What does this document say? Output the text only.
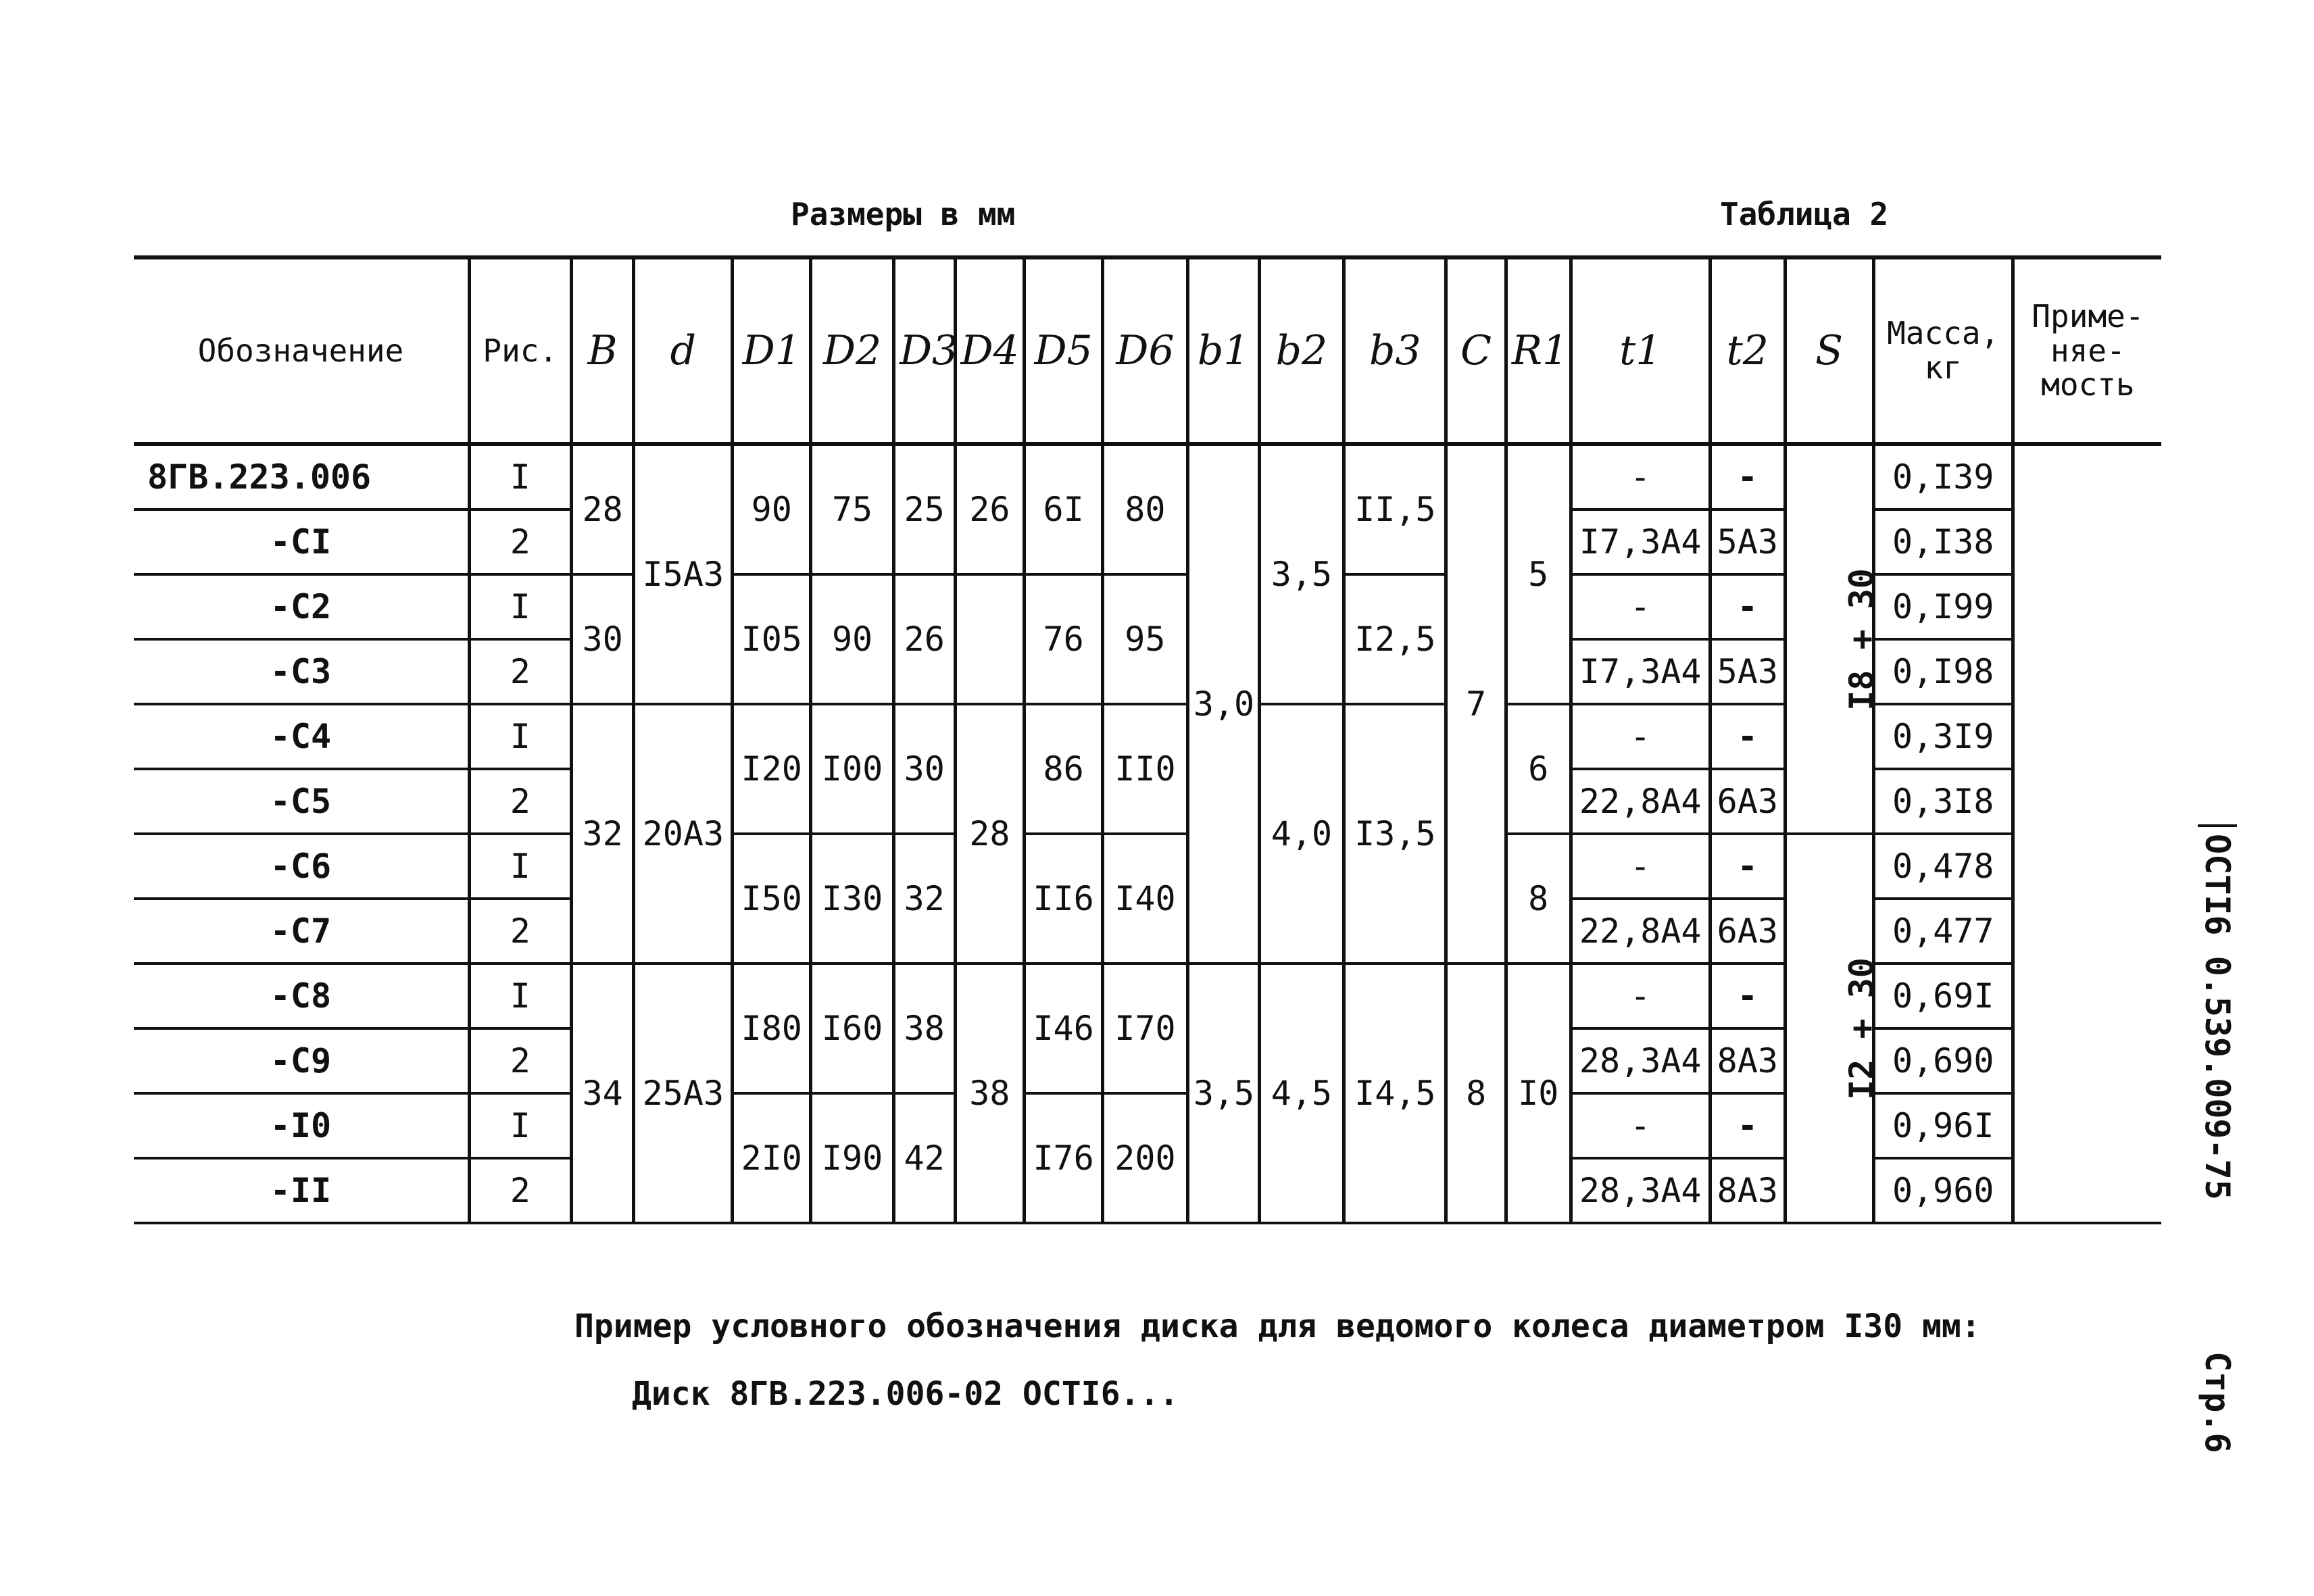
Размеры в мм	Таблица 2
Обозначение	Рис.	B	d	D1	D2	D3	D4	D5	D6	b1	b2	b3	C	R1	t1	t2	S	Масса, кг	Приме-няе-мость
8ГВ.223.006	I	28	I5A3	90	75	25	26	6I	80	3,0	3,5	II,5	7	5	-	-	I8 + 30	0,I39	
-CI	2														I7,3A4	5A3		0,I38	
-C2	I	30		I05	90	26		76	95			I2,5			-	-		0,I99	
-C3	2														I7,3A4	5A3		0,I98	
-C4	I	32	20A3	I20	I00	30	28	86	II0		4,0	I3,5		6	-	-		0,3I9	
-C5	2														22,8A4	6A3		0,3I8	
-C6	I			I50	I30	32		II6	I40					8	-	-	I2 + 30	0,478	
-C7	2														22,8A4	6A3		0,477	
-C8	I	34	25A3	I80	I60	38	38	I46	I70	3,5	4,5	I4,5	8	I0	-	-		0,69I	
-C9	2														28,3A4	8A3		0,690	
-I0	I			2I0	I90	42		I76	200						-	-		0,96I	
-II	2														28,3A4	8A3		0,960	
Пример условного обозначения диска для ведомого колеса диаметром I30 мм:
Диск 8ГВ.223.006-02 ОСТI6...
ОСТI6 0.539.009-75
Стр.6
